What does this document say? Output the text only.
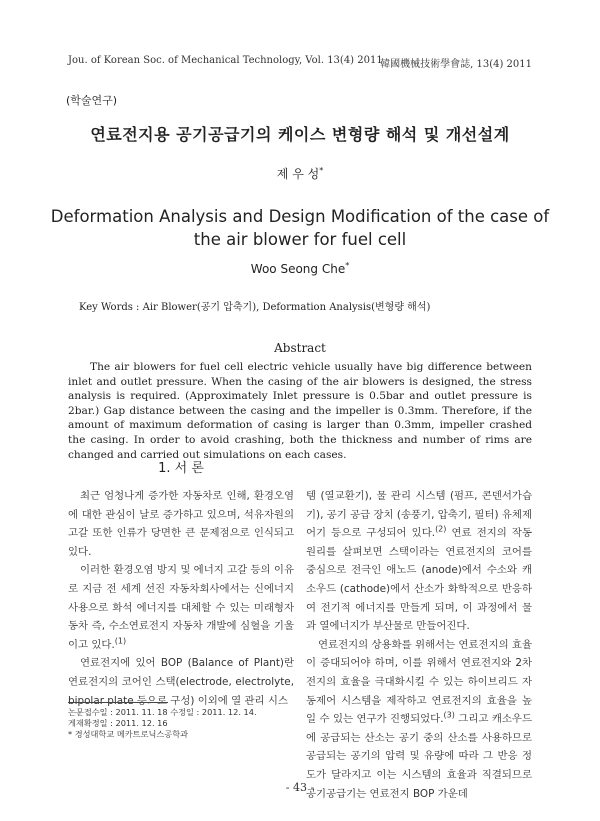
Jou. of Korean Soc. of Mechanical Technology, Vol. 13(4) 2011
韓國機械技術學會誌, 13(4) 2011
(학술연구)
연료전지용 공기공급기의 케이스 변형량 해석 및 개선설계
제 우 성*
Deformation Analysis and Design Modification of the case of
the air blower for fuel cell
Woo Seong Che*
Key Words : Air Blower(공기 압축기), Deformation Analysis(변형량 해석)
Abstract
The air blowers for fuel cell electric vehicle usually have big difference between inlet and outlet pressure. When the casing of the air blowers is designed, the stress analysis is required. (Approximately Inlet pressure is 0.5bar and outlet pressure is 2bar.) Gap distance between the casing and the impeller is 0.3mm. Therefore, if the amount of maximum deformation of casing is larger than 0.3mm, impeller crashed the casing. In order to avoid crashing, both the thickness and number of rims are changed and carried out simulations on each cases.
1. 서 론

최근 엄청나게 증가한 자동차로 인해, 환경오염에 대한 관심이 날로 증가하고 있으며, 석유자원의 고갈 또한 인류가 당면한 큰 문제점으로 인식되고 있다.

이러한 환경오염 방지 및 에너지 고갈 등의 이유로 지금 전 세계 선진 자동차회사에서는 신에너지 사용으로 화석 에너지를 대체할 수 있는 미래형자동차 즉, 수소연료전지 자동차 개발에 심혈을 기울이고 있다.$^{(1)}$

연료전지에 있어 BOP (Balance of Plant)란 연료전지의 코어인 스택(electrode, electrolyte, bipolar plate 등으로 구성) 이외에 열 관리 시스

논문접수일 : 2011. 11. 18 수정일 : 2011. 12. 14.
게재확정일 : 2011. 12. 16
* 경성대학교 메카트로닉스공학과

템 (열교환기), 물 관리 시스템 (펌프, 콘덴서가습기), 공기 공급 장치 (송풍기, 압축기, 필터) 유체제어기 등으로 구성되어 있다.$^{(2)}$ 연료 전지의 작동 원리를 살펴보면 스택이라는 연료전지의 코어를 중심으로 전극인 애노드 (anode)에서 수소와 캐소우드 (cathode)에서 산소가 화학적으로 반응하여 전기적 에너지를 만들게 되며, 이 과정에서 물과 열에너지가 부산물로 만들어진다.

연료전지의 상용화를 위해서는 연료전지의 효율이 증대되어야 하며, 이를 위해서 연료전지와 2차 전지의 효율을 극대화시킬 수 있는 하이브리드 자동제어 시스템을 제작하고 연료전지의 효율을 높일 수 있는 연구가 진행되었다.$^{(3)}$ 그리고 캐소우드에 공급되는 산소는 공기 중의 산소를 사용하므로 공급되는 공기의 압력 및 유량에 따라 그 반응 정도가 달라지고 이는 시스템의 효율과 직결되므로 공기공급기는 연료전지 BOP 가운데

- 43 -
